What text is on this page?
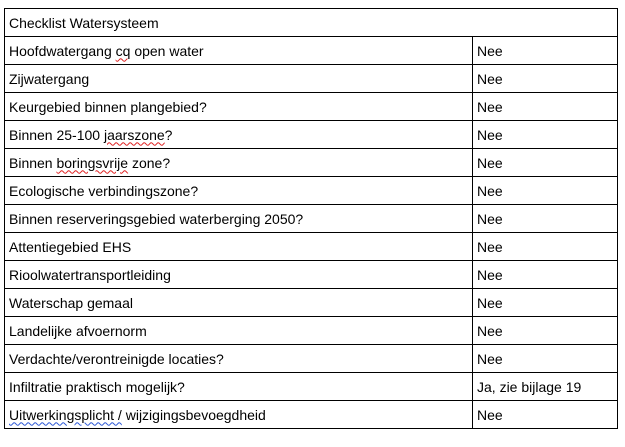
Checklist Watersysteem	
Hoofdwatergang cq open water	Nee
Zijwatergang	Nee
Keurgebied binnen plangebied?	Nee
Binnen 25-100 jaarszone?	Nee
Binnen boringsvrije zone?	Nee
Ecologische verbindingszone?	Nee
Binnen reserveringsgebied waterberging 2050?	Nee
Attentiegebied EHS	Nee
Rioolwatertransportleiding	Nee
Waterschap gemaal	Nee
Landelijke afvoernorm	Nee
Verdachte/verontreinigde locaties?	Nee
Infiltratie praktisch mogelijk?	Ja, zie bijlage 19
Uitwerkingsplicht / wijzigingsbevoegdheid	Nee
